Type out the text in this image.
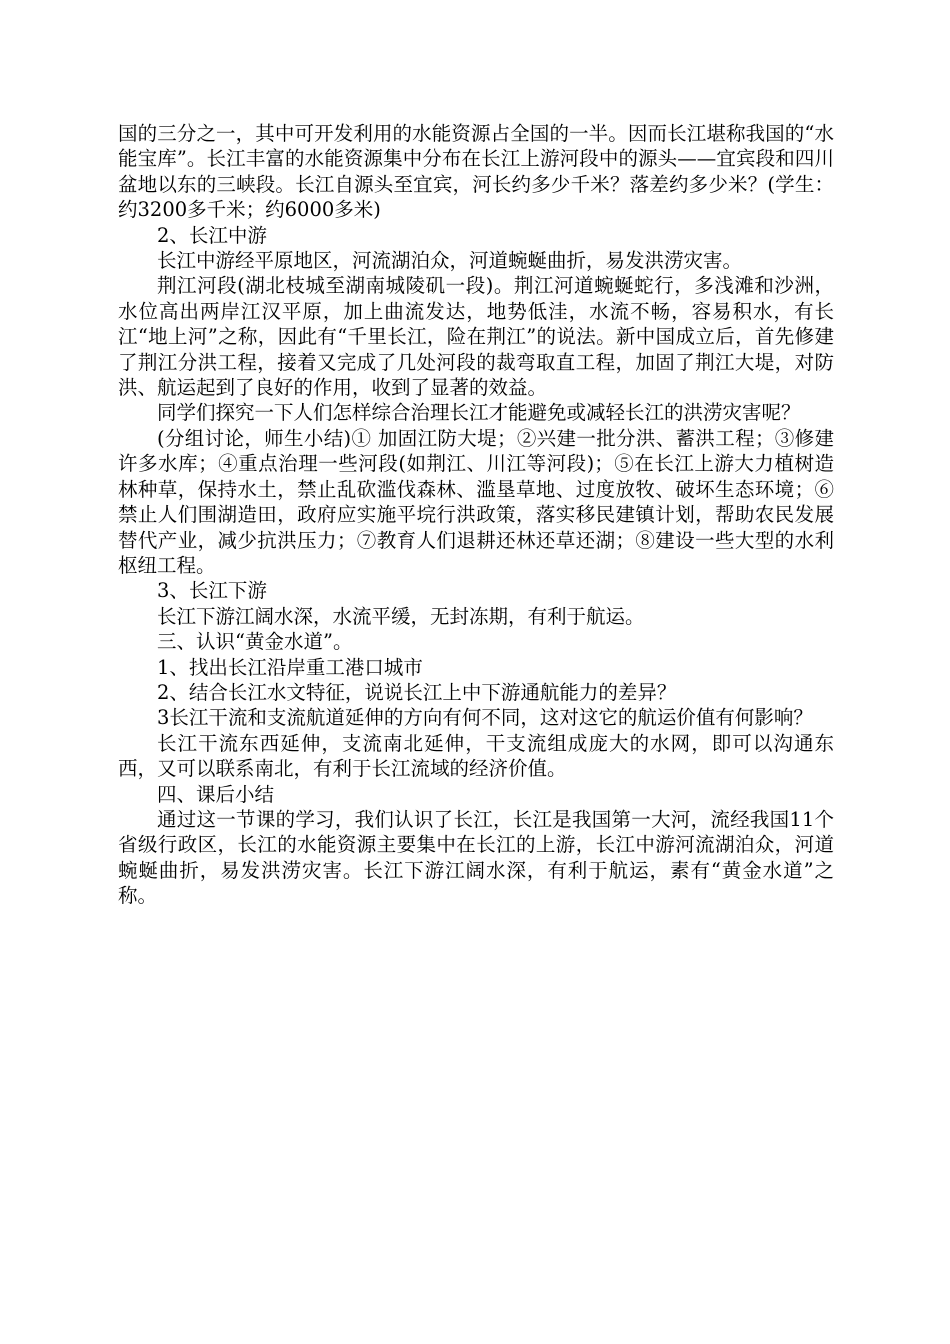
国的三分之一，其中可开发利用的水能资源占全国的一半。因而长江堪称我国的“水能宝库”。长江丰富的水能资源集中分布在长江上游河段中的源头——宜宾段和四川盆地以东的三峡段。长江自源头至宜宾，河长约多少千米？落差约多少米？(学生：约3200多千米；约6000多米)

2、长江中游

长江中游经平原地区，河流湖泊众，河道蜿蜒曲折，易发洪涝灾害。

荆江河段(湖北枝城至湖南城陵矶一段)。荆江河道蜿蜒蛇行，多浅滩和沙洲，水位高出两岸江汉平原，加上曲流发达，地势低洼，水流不畅，容易积水，有长江“地上河”之称，因此有“千里长江，险在荆江”的说法。新中国成立后，首先修建了荆江分洪工程，接着又完成了几处河段的裁弯取直工程，加固了荆江大堤，对防洪、航运起到了良好的作用，收到了显著的效益。

同学们探究一下人们怎样综合治理长江才能避免或减轻长江的洪涝灾害呢？

(分组讨论，师生小结)① 加固江防大堤；②兴建一批分洪、蓄洪工程；③修建许多水库；④重点治理一些河段(如荆江、川江等河段)；⑤在长江上游大力植树造林种草，保持水土，禁止乱砍滥伐森林、滥垦草地、过度放牧、破坏生态环境；⑥禁止人们围湖造田，政府应实施平垸行洪政策，落实移民建镇计划，帮助农民发展替代产业，减少抗洪压力；⑦教育人们退耕还林还草还湖；⑧建设一些大型的水利枢纽工程。

3、长江下游

长江下游江阔水深，水流平缓，无封冻期，有利于航运。

三、认识“黄金水道”。

1、找出长江沿岸重工港口城市

2、结合长江水文特征，说说长江上中下游通航能力的差异？

3长江干流和支流航道延伸的方向有何不同，这对这它的航运价值有何影响？

长江干流东西延伸，支流南北延伸，干支流组成庞大的水网，即可以沟通东西，又可以联系南北，有利于长江流域的经济价值。

四、课后小结

通过这一节课的学习，我们认识了长江，长江是我国第一大河，流经我国11个省级行政区，长江的水能资源主要集中在长江的上游，长江中游河流湖泊众，河道蜿蜒曲折，易发洪涝灾害。长江下游江阔水深，有利于航运，素有“黄金水道”之称。
